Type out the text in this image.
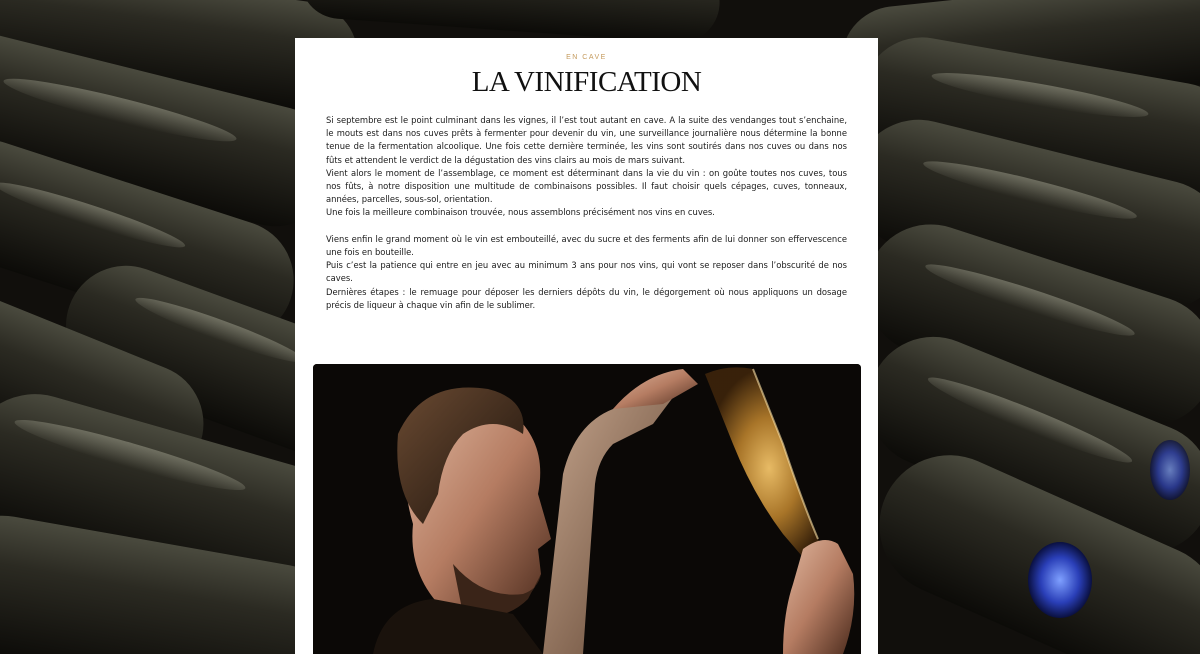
EN CAVE
LA VINIFICATION

Si septembre est le point culminant dans les vignes, il l’est tout autant en cave. A la suite des vendanges tout s’enchaine, le mouts est dans nos cuves prêts à fermenter pour devenir du vin, une surveillance journalière nous détermine la bonne tenue de la fermentation alcoolique. Une fois cette dernière terminée, les vins sont soutirés dans nos cuves ou dans nos fûts et attendent le verdict de la dégustation des vins clairs au mois de mars suivant.

Vient alors le moment de l’assemblage, ce moment est déterminant dans la vie du vin : on goûte toutes nos cuves, tous nos fûts, à notre disposition une multitude de combinaisons possibles. Il faut choisir quels cépages, cuves, tonneaux, années, parcelles, sous-sol, orientation.

Une fois la meilleure combinaison trouvée, nous assemblons précisément nos vins en cuves.

Viens enfin le grand moment où le vin est embouteillé, avec du sucre et des ferments afin de lui donner son effervescence une fois en bouteille.

Puis c’est la patience qui entre en jeu avec au minimum 3 ans pour nos vins, qui vont se reposer dans l’obscurité de nos caves.

Dernières étapes : le remuage pour déposer les derniers dépôts du vin, le dégorgement où nous appliquons un dosage précis de liqueur à chaque vin afin de le sublimer.
